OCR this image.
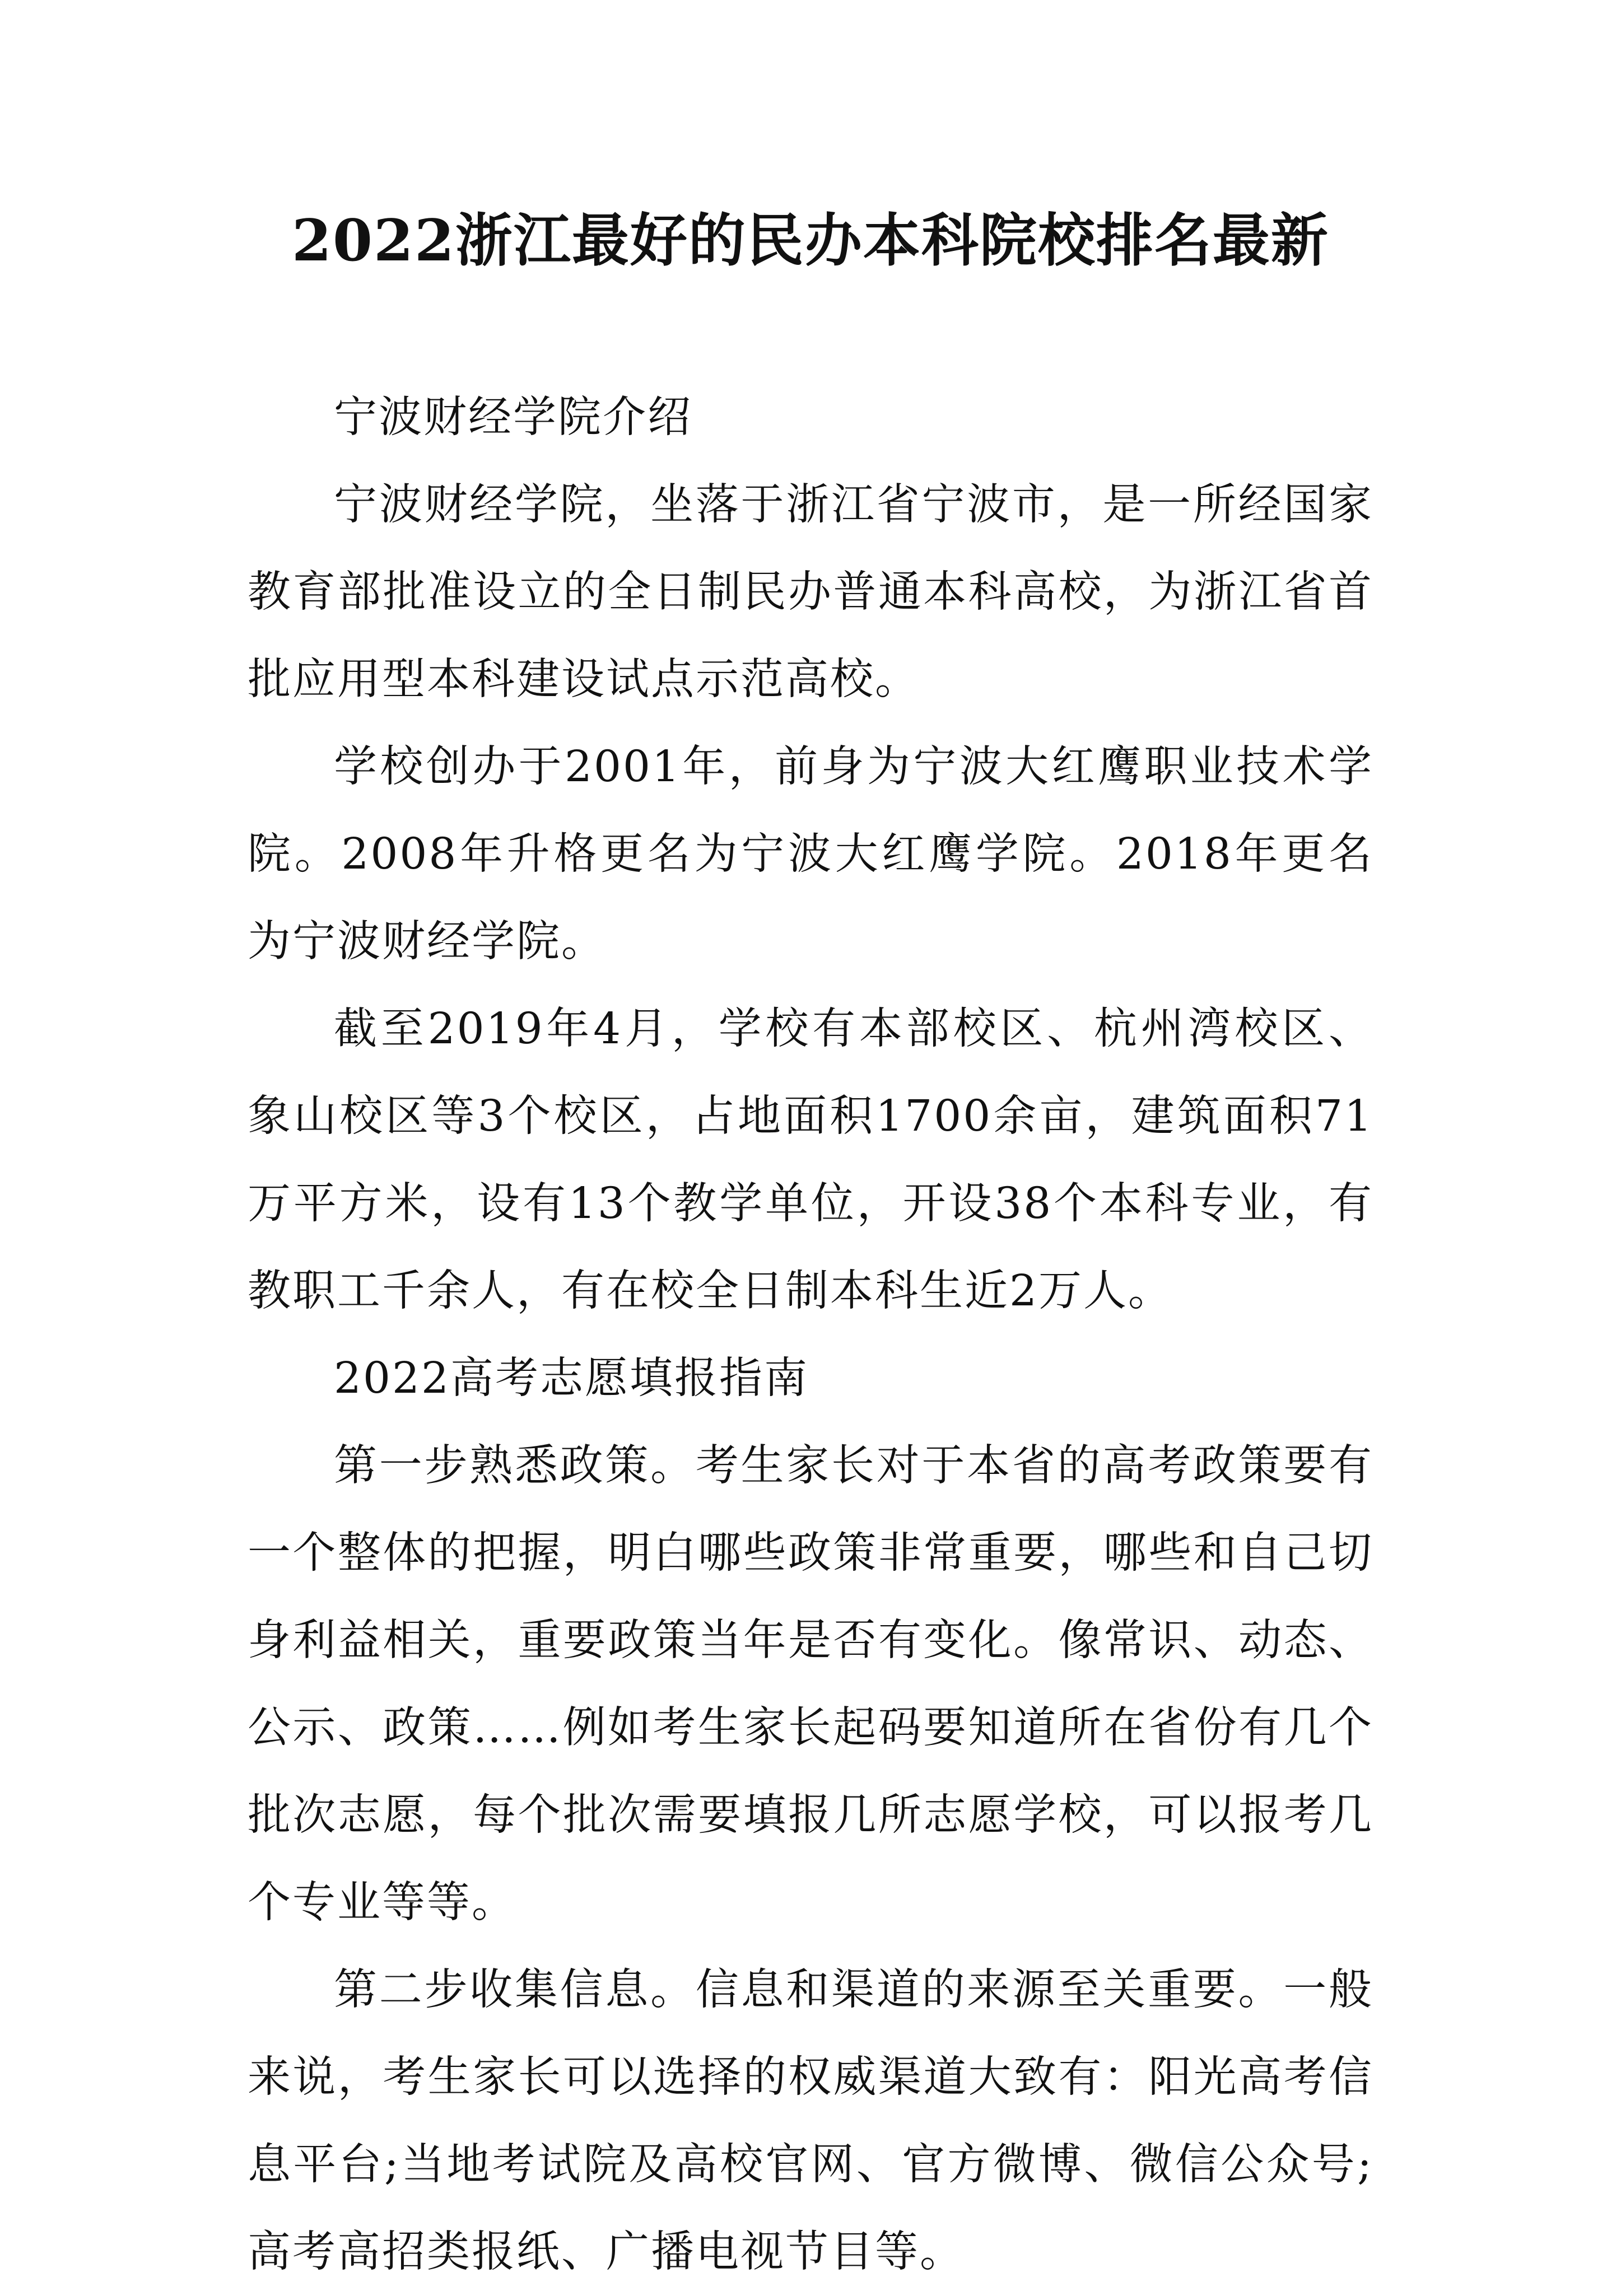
2022浙江最好的民办本科院校排名最新

宁波财经学院介绍

宁波财经学院，坐落于浙江省宁波市，是一所经国家教育部批准设立的全日制民办普通本科高校，为浙江省首批应用型本科建设试点示范高校。

学校创办于2001年，前身为宁波大红鹰职业技术学院。2008年升格更名为宁波大红鹰学院。2018年更名为宁波财经学院。

截至2019年4月，学校有本部校区、杭州湾校区、象山校区等3个校区，占地面积1700余亩，建筑面积71万平方米，设有13个教学单位，开设38个本科专业，有教职工千余人，有在校全日制本科生近2万人。

2022高考志愿填报指南

第一步熟悉政策。考生家长对于本省的高考政策要有一个整体的把握，明白哪些政策非常重要，哪些和自己切身利益相关，重要政策当年是否有变化。像常识、动态、公示、政策……例如考生家长起码要知道所在省份有几个批次志愿，每个批次需要填报几所志愿学校，可以报考几个专业等等。

第二步收集信息。信息和渠道的来源至关重要。一般来说，考生家长可以选择的权威渠道大致有：阳光高考信息平台;当地考试院及高校官网、官方微博、微信公众号;高考高招类报纸、广播电视节目等。
